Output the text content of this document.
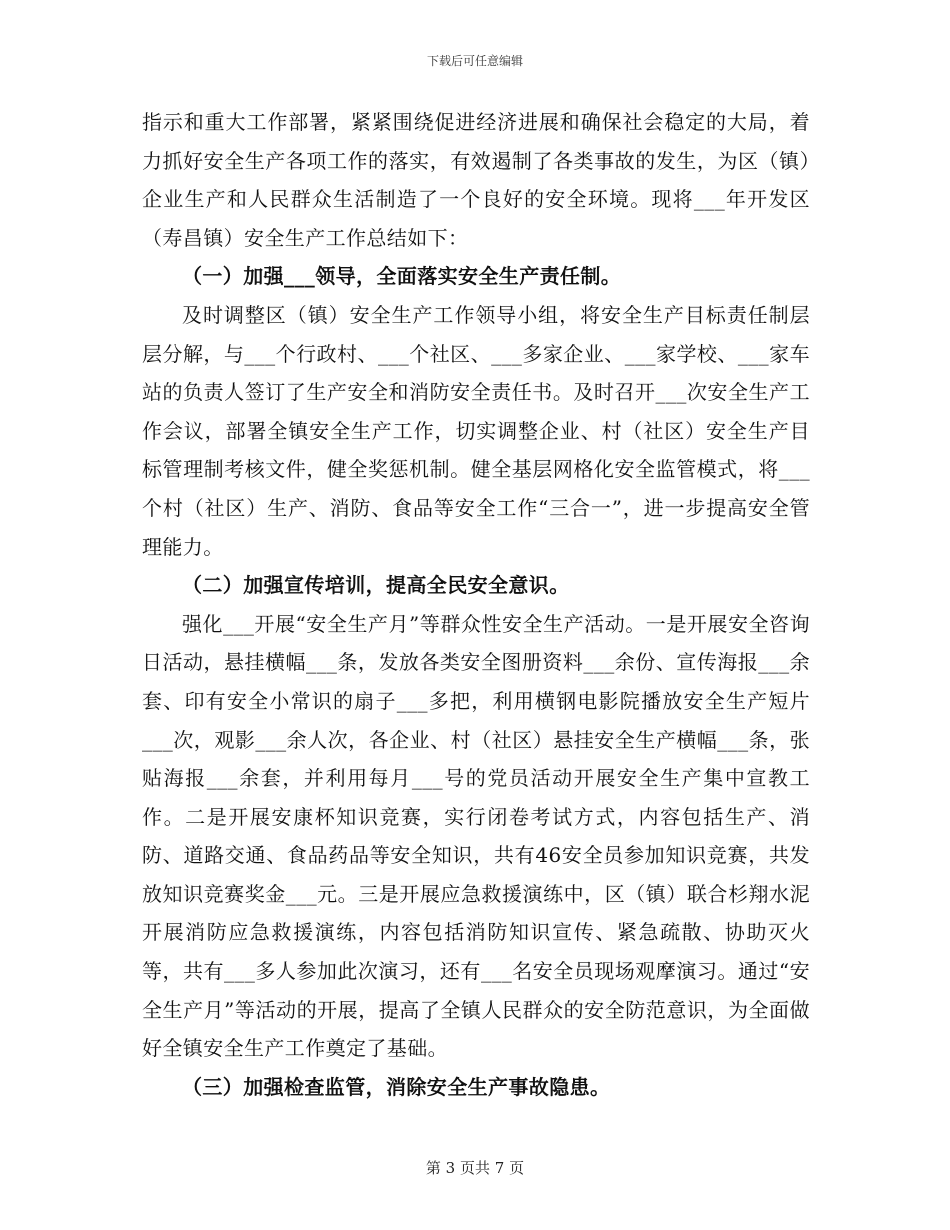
下载后可任意编辑

指示和重大工作部署，紧紧围绕促进经济进展和确保社会稳定的大局，着力抓好安全生产各项工作的落实，有效遏制了各类事故的发生，为区（镇）企业生产和人民群众生活制造了一个良好的安全环境。现将___年开发区（寿昌镇）安全生产工作总结如下：

（一）加强___领导，全面落实安全生产责任制。

及时调整区（镇）安全生产工作领导小组，将安全生产目标责任制层层分解，与___个行政村、___个社区、___多家企业、___家学校、___家车站的负责人签订了生产安全和消防安全责任书。及时召开___次安全生产工作会议，部署全镇安全生产工作，切实调整企业、村（社区）安全生产目标管理制考核文件，健全奖惩机制。健全基层网格化安全监管模式，将___个村（社区）生产、消防、食品等安全工作“三合一”，进一步提高安全管理能力。

（二）加强宣传培训，提高全民安全意识。

强化___开展“安全生产月”等群众性安全生产活动。一是开展安全咨询日活动，悬挂横幅___条，发放各类安全图册资料___余份、宣传海报___余套、印有安全小常识的扇子___多把，利用横钢电影院播放安全生产短片___次，观影___余人次，各企业、村（社区）悬挂安全生产横幅___条，张贴海报___余套，并利用每月___号的党员活动开展安全生产集中宣教工作。二是开展安康杯知识竞赛，实行闭卷考试方式，内容包括生产、消防、道路交通、食品药品等安全知识，共有46安全员参加知识竞赛，共发放知识竞赛奖金___元。三是开展应急救援演练中，区（镇）联合杉翔水泥开展消防应急救援演练，内容包括消防知识宣传、紧急疏散、协助灭火等，共有___多人参加此次演习，还有___名安全员现场观摩演习。通过“安全生产月”等活动的开展，提高了全镇人民群众的安全防范意识，为全面做好全镇安全生产工作奠定了基础。

（三）加强检查监管，消除安全生产事故隐患。

第 3 页共 7 页
